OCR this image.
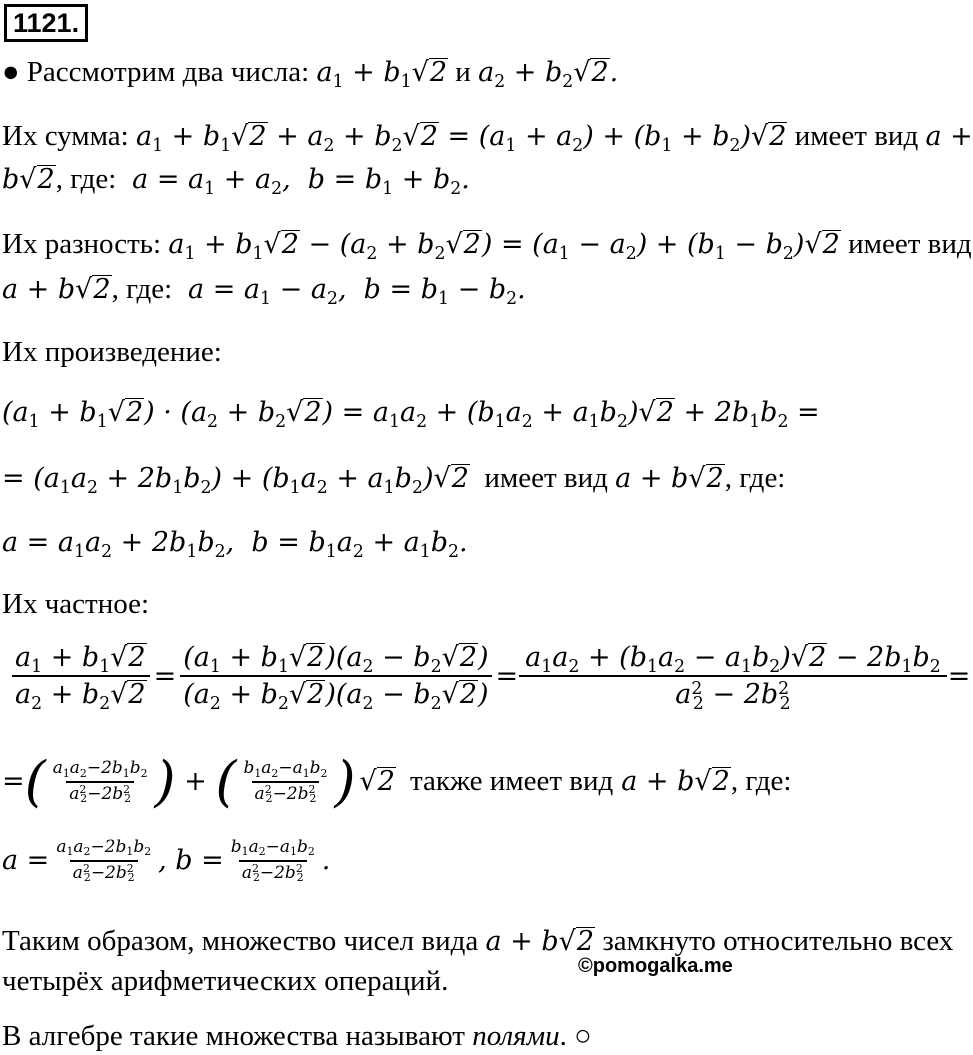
1121.
● Рассмотрим два числа: $a_1 + b_1√2$ и $a_2 + b_2√2$.
Их сумма: $a_1 + b_1√2 + a_2 + b_2√2 = (a_1 + a_2) + (b_1 + b_2)√2$ имеет вид a +
b√2, где:  $a = a_1 + a_2$,  $b = b_1 + b_2$.
Их разность: $a_1 + b_1√2 - (a_2 + b_2√2) = (a_1 - a_2) + (b_1 - b_2)√2$ имеет вид
a + b√2, где:  $a = a_1 - a_2$,  $b = b_1 - b_2$.
Их произведение:
$(a_1 + b_1√2) \cdot (a_2 + b_2√2) = a_1a_2 + (b_1a_2 + a_1b_2)√2 + 2b_1b_2$ =
= $(a_1a_2 + 2b_1b_2) + (b_1a_2 + a_1b_2)√2$ имеет вид a + b√2, где:
$a = a_1a_2 + 2b_1b_2$,  $b = b_1a_2 + a_1b_2$.
Их частное:
$\frac{a_1 + b_1√2}{a_2 + b_2√2} = \frac{(a_1 + b_1√2)(a_2 - b_2√2)}{(a_2 + b_2√2)(a_2 - b_2√2)} = \frac{a_1a_2 + (b_1a_2 - a_1b_2)√2 - 2b_1b_2}{a^2_2 - 2b^2_2}$ =
= ( $\frac{a_1a_2-2b_1b_2}{a^2_2-2b^2_2}$ ) + ( $\frac{b_1a_2-a_1b_2}{a^2_2-2b^2_2}$ ) √2 также имеет вид a + b√2 , где:
$a = \frac{a_1a_2-2b_1b_2}{a^2_2-2b^2_2}$ , $b = \frac{b_1a_2-a_1b_2}{a^2_2-2b^2_2}$ .
Таким образом, множество чисел вида a + b√2 замкнуто относительно всех
четырёх арифметических операций.	©pomogalka.me
В алгебре такие множества называют полями. ○
